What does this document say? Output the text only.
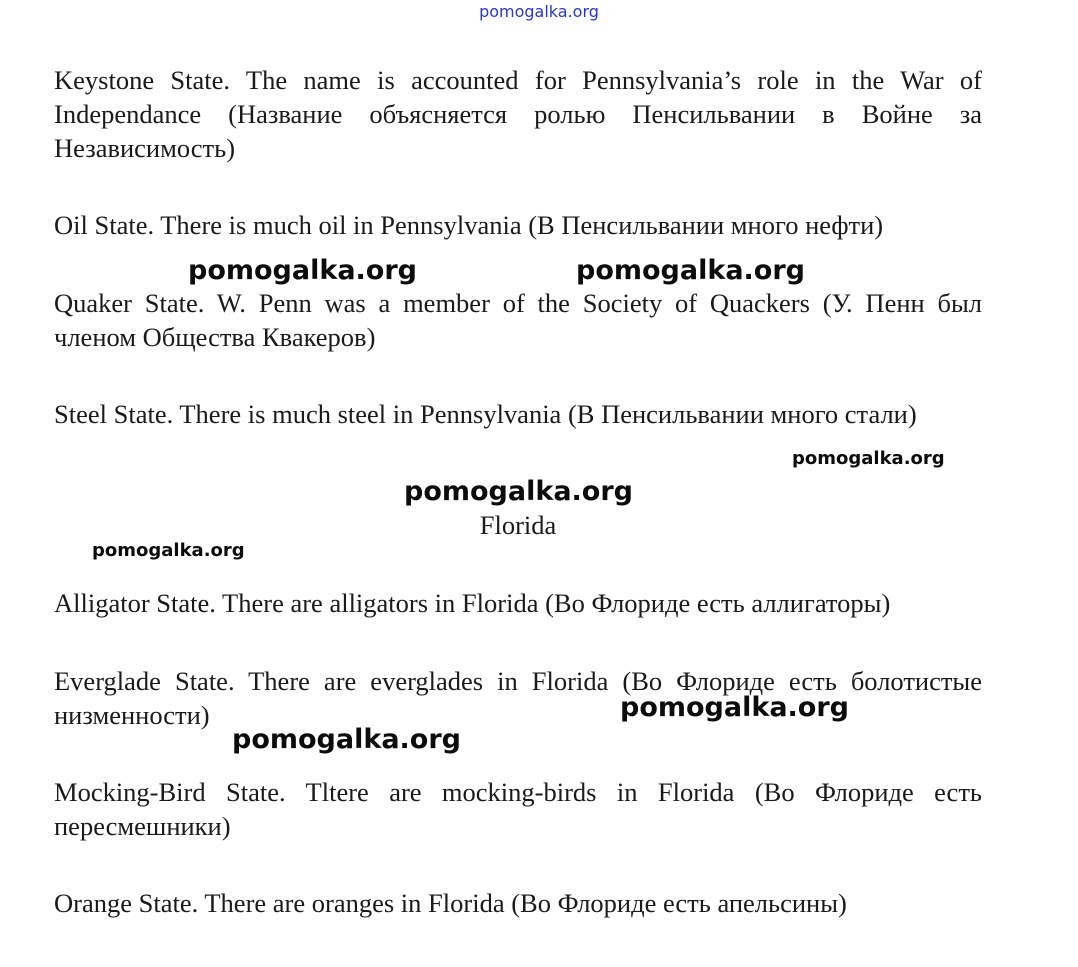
pomogalka.org

Keystone State. The name is accounted for Pennsylvania’s role in the War of Independance (Название объясняется ролью Пенсильвании в Войне за Независимость)

Oil State. There is much oil in Pennsylvania (В Пенсильвании много нефти)

Quaker State. W. Penn was a member of the Society of Quackers (У. Пенн был членом Общества Квакеров)

Steel State. There is much steel in Pennsylvania (В Пенсильвании много стали)

Florida

Alligator State. There are alligators in Florida (Во Флориде есть аллигаторы)

Everglade State. There are everglades in Florida (Во Флориде есть болотистые низменности)

Mocking-Bird State. Tltere are mocking-birds in Florida (Во Флориде есть пересмешники)

Orange State. There are oranges in Florida (Во Флориде есть апельсины)

pomogalka.org	pomogalka.org
pomogalka.org
pomogalka.org
pomogalka.org
pomogalka.org
pomogalka.org
